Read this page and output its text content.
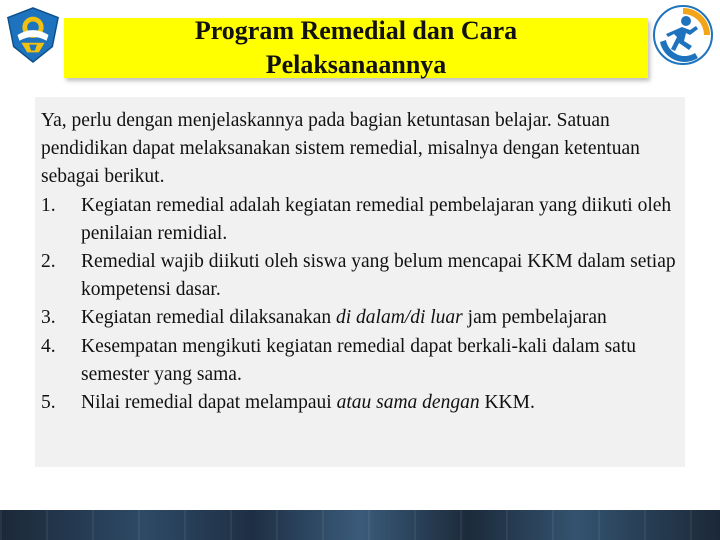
Program Remedial dan Cara Pelaksanaannya

Ya, perlu dengan menjelaskannya pada bagian ketuntasan belajar. Satuan pendidikan dapat melaksanakan sistem remedial, misalnya dengan ketentuan sebagai berikut.

1. Kegiatan remedial adalah kegiatan remedial pembelajaran yang diikuti oleh penilaian remidial.
2. Remedial wajib diikuti oleh siswa yang belum mencapai KKM dalam setiap kompetensi dasar.
3. Kegiatan remedial dilaksanakan di dalam/di luar jam pembelajaran
4. Kesempatan mengikuti kegiatan remedial dapat berkali-kali dalam satu semester yang sama.
5. Nilai remedial dapat melampaui atau sama dengan KKM.
